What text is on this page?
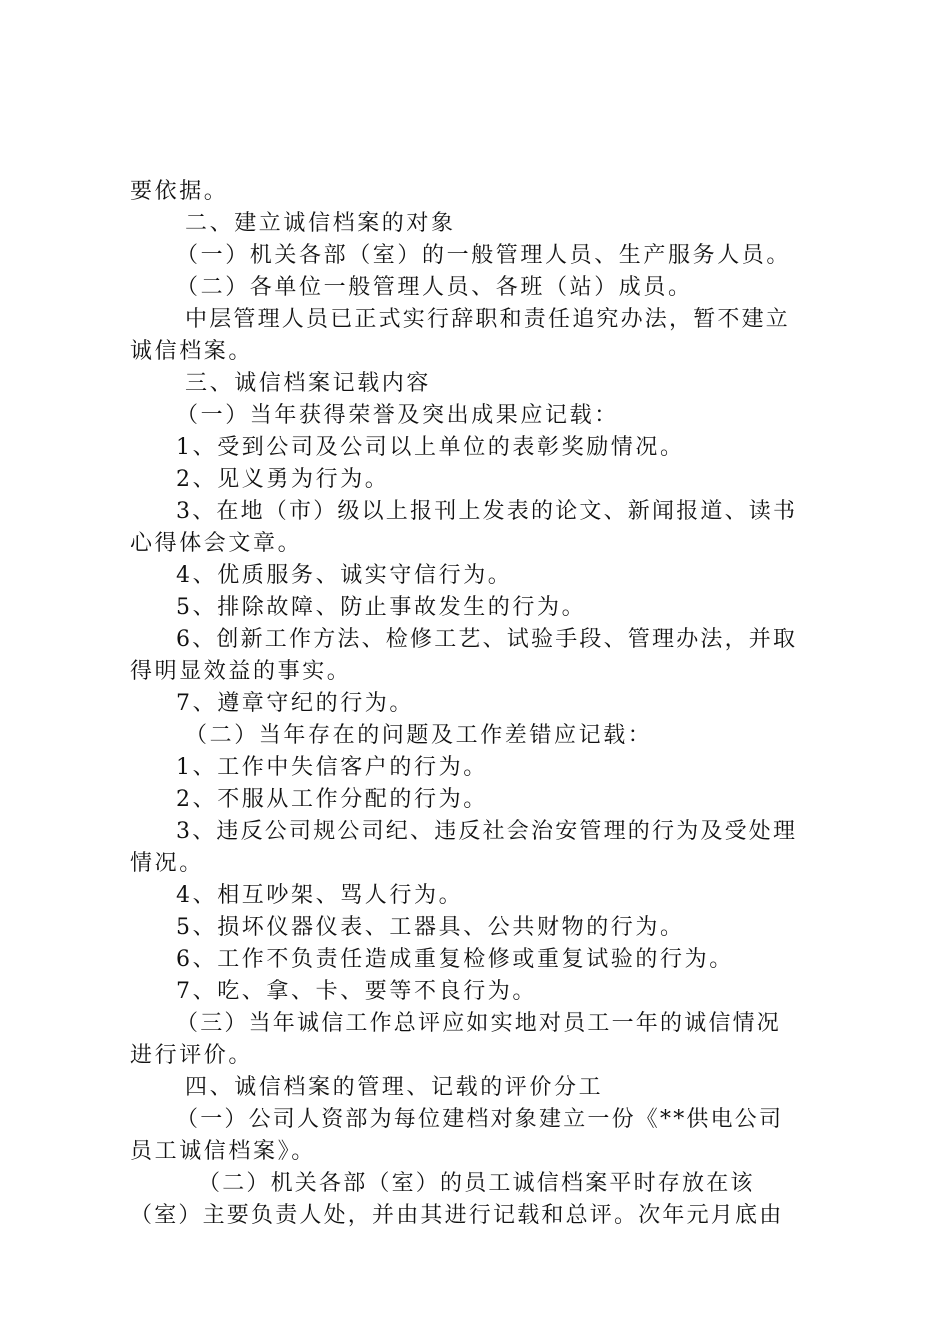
要依据。
二、建立诚信档案的对象
（一）机关各部（室）的一般管理人员、生产服务人员。
（二）各单位一般管理人员、各班（站）成员。
中层管理人员已正式实行辞职和责任追究办法，暂不建立
诚信档案。
三、诚信档案记载内容
（一）当年获得荣誉及突出成果应记载：
1、受到公司及公司以上单位的表彰奖励情况。
2、见义勇为行为。
3、在地（市）级以上报刊上发表的论文、新闻报道、读书
心得体会文章。
4、优质服务、诚实守信行为。
5、排除故障、防止事故发生的行为。
6、创新工作方法、检修工艺、试验手段、管理办法，并取
得明显效益的事实。
7、遵章守纪的行为。
（二）当年存在的问题及工作差错应记载：
1、工作中失信客户的行为。
2、不服从工作分配的行为。
3、违反公司规公司纪、违反社会治安管理的行为及受处理
情况。
4、相互吵架、骂人行为。
5、损坏仪器仪表、工器具、公共财物的行为。
6、工作不负责任造成重复检修或重复试验的行为。
7、吃、拿、卡、要等不良行为。
（三）当年诚信工作总评应如实地对员工一年的诚信情况
进行评价。
四、诚信档案的管理、记载的评价分工
（一）公司人资部为每位建档对象建立一份《**供电公司
员工诚信档案》。
（二）机关各部（室）的员工诚信档案平时存放在该
（室）主要负责人处，并由其进行记载和总评。次年元月底由
